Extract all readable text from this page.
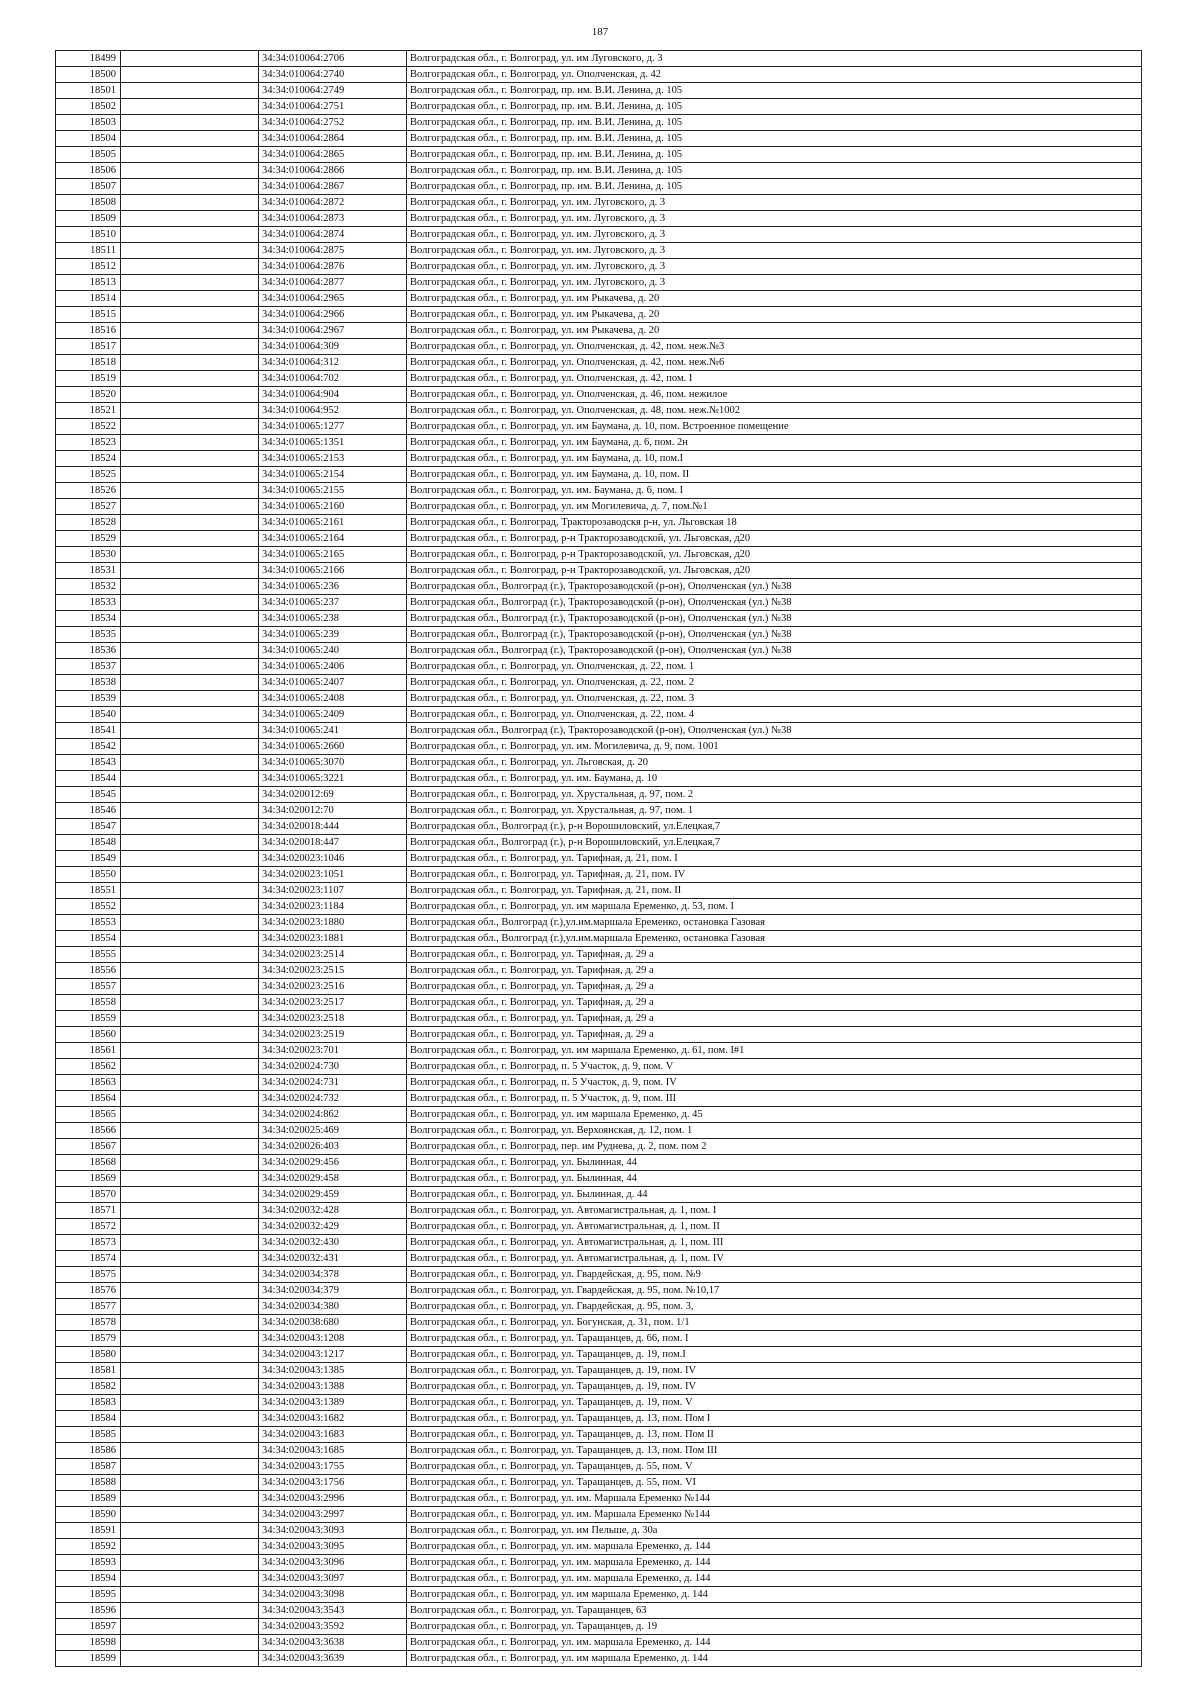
187
18499		34:34:010064:2706	Волгоградская обл., г. Волгоград, ул. им Луговского, д. 3
18500		34:34:010064:2740	Волгоградская обл., г. Волгоград, ул. Ополченская, д. 42
18501		34:34:010064:2749	Волгоградская обл., г. Волгоград, пр. им. В.И. Ленина, д. 105
18502		34:34:010064:2751	Волгоградская обл., г. Волгоград, пр. им. В.И. Ленина, д. 105
18503		34:34:010064:2752	Волгоградская обл., г. Волгоград, пр. им. В.И. Ленина, д. 105
18504		34:34:010064:2864	Волгоградская обл., г. Волгоград, пр. им. В.И. Ленина, д. 105
18505		34:34:010064:2865	Волгоградская обл., г. Волгоград, пр. им. В.И. Ленина, д. 105
18506		34:34:010064:2866	Волгоградская обл., г. Волгоград, пр. им. В.И. Ленина, д. 105
18507		34:34:010064:2867	Волгоградская обл., г. Волгоград, пр. им. В.И. Ленина, д. 105
18508		34:34:010064:2872	Волгоградская обл., г. Волгоград, ул. им. Луговского, д. 3
18509		34:34:010064:2873	Волгоградская обл., г. Волгоград, ул. им. Луговского, д. 3
18510		34:34:010064:2874	Волгоградская обл., г. Волгоград, ул. им. Луговского, д. 3
18511		34:34:010064:2875	Волгоградская обл., г. Волгоград, ул. им. Луговского, д. 3
18512		34:34:010064:2876	Волгоградская обл., г. Волгоград, ул. им. Луговского, д. 3
18513		34:34:010064:2877	Волгоградская обл., г. Волгоград, ул. им. Луговского, д. 3
18514		34:34:010064:2965	Волгоградская обл., г. Волгоград, ул. им Рыкачева, д. 20
18515		34:34:010064:2966	Волгоградская обл., г. Волгоград, ул. им Рыкачева, д. 20
18516		34:34:010064:2967	Волгоградская обл., г. Волгоград, ул. им Рыкачева, д. 20
18517		34:34:010064:309	Волгоградская обл., г. Волгоград, ул. Ополченская, д. 42, пом. неж.№3
18518		34:34:010064:312	Волгоградская обл., г. Волгоград, ул. Ополченская, д. 42, пом. неж.№6
18519		34:34:010064:702	Волгоградская обл., г. Волгоград, ул. Ополченская, д. 42, пом. I
18520		34:34:010064:904	Волгоградская обл., г. Волгоград, ул. Ополченская, д. 46, пом. нежилое
18521		34:34:010064:952	Волгоградская обл., г. Волгоград, ул. Ополченская, д. 48, пом. неж.№1002
18522		34:34:010065:1277	Волгоградская обл., г. Волгоград, ул. им Баумана, д. 10, пом. Встроенное помещение
18523		34:34:010065:1351	Волгоградская обл., г. Волгоград, ул. им Баумана, д. 6, пом. 2н
18524		34:34:010065:2153	Волгоградская обл., г. Волгоград, ул. им Баумана, д. 10, пом.I
18525		34:34:010065:2154	Волгоградская обл., г. Волгоград, ул. им Баумана, д. 10, пом. II
18526		34:34:010065:2155	Волгоградская обл., г. Волгоград, ул. им. Баумана, д. 6, пом. I
18527		34:34:010065:2160	Волгоградская обл., г. Волгоград, ул. им Могилевича, д. 7, пом.№1
18528		34:34:010065:2161	Волгоградская обл., г. Волгоград, Тракторозаводскя р-н, ул. Льговская 18
18529		34:34:010065:2164	Волгоградская обл., г. Волгоград, р-н Тракторозаводской, ул. Льговская, д20
18530		34:34:010065:2165	Волгоградская обл., г. Волгоград, р-н Тракторозаводской, ул. Льговская, д20
18531		34:34:010065:2166	Волгоградская обл., г. Волгоград, р-н Тракторозаводской, ул. Льговская, д20
18532		34:34:010065:236	Волгоградская обл., Волгоград (г.), Тракторозаводской (р-он), Ополченская (ул.) №38
18533		34:34:010065:237	Волгоградская обл., Волгоград (г.), Тракторозаводской (р-он), Ополченская (ул.) №38
18534		34:34:010065:238	Волгоградская обл., Волгоград (г.), Тракторозаводской (р-он), Ополченская (ул.) №38
18535		34:34:010065:239	Волгоградская обл., Волгоград (г.), Тракторозаводской (р-он), Ополченская (ул.) №38
18536		34:34:010065:240	Волгоградская обл., Волгоград (г.), Тракторозаводской (р-он), Ополченская (ул.) №38
18537		34:34:010065:2406	Волгоградская обл., г. Волгоград, ул. Ополченская, д. 22, пом. 1
18538		34:34:010065:2407	Волгоградская обл., г. Волгоград, ул. Ополченская, д. 22, пом. 2
18539		34:34:010065:2408	Волгоградская обл., г. Волгоград, ул. Ополченская, д. 22, пом. 3
18540		34:34:010065:2409	Волгоградская обл., г. Волгоград, ул. Ополченская, д. 22, пом. 4
18541		34:34:010065:241	Волгоградская обл., Волгоград (г.), Тракторозаводской (р-он), Ополченская (ул.) №38
18542		34:34:010065:2660	Волгоградская обл., г. Волгоград, ул. им. Могилевича, д. 9, пом. 1001
18543		34:34:010065:3070	Волгоградская обл., г. Волгоград, ул. Льговская, д. 20
18544		34:34:010065:3221	Волгоградская обл., г. Волгоград, ул. им. Баумана, д. 10
18545		34:34:020012:69	Волгоградская обл., г. Волгоград, ул. Хрустальная, д. 97, пом. 2
18546		34:34:020012:70	Волгоградская обл., г. Волгоград, ул. Хрустальная, д. 97, пом. 1
18547		34:34:020018:444	Волгоградская обл., Волгоград (г.), р-н Ворошиловский, ул.Елецкая,7
18548		34:34:020018:447	Волгоградская обл., Волгоград (г.), р-н Ворошиловский, ул.Елецкая,7
18549		34:34:020023:1046	Волгоградская обл., г. Волгоград, ул. Тарифная, д. 21, пом. I
18550		34:34:020023:1051	Волгоградская обл., г. Волгоград, ул. Тарифная, д. 21, пом. IV
18551		34:34:020023:1107	Волгоградская обл., г. Волгоград, ул. Тарифная, д. 21, пом. II
18552		34:34:020023:1184	Волгоградская обл., г. Волгоград, ул. им маршала Еременко, д. 53, пом. I
18553		34:34:020023:1880	Волгоградская обл., Волгоград (г.),ул.им.маршала Еременко, остановка Газовая
18554		34:34:020023:1881	Волгоградская обл., Волгоград (г.),ул.им.маршала Еременко, остановка Газовая
18555		34:34:020023:2514	Волгоградская обл., г. Волгоград, ул. Тарифная, д. 29 а
18556		34:34:020023:2515	Волгоградская обл., г. Волгоград, ул. Тарифная, д. 29 а
18557		34:34:020023:2516	Волгоградская обл., г. Волгоград, ул. Тарифная, д. 29 а
18558		34:34:020023:2517	Волгоградская обл., г. Волгоград, ул. Тарифная, д. 29 а
18559		34:34:020023:2518	Волгоградская обл., г. Волгоград, ул. Тарифная, д. 29 а
18560		34:34:020023:2519	Волгоградская обл., г. Волгоград, ул. Тарифная, д. 29 а
18561		34:34:020023:701	Волгоградская обл., г. Волгоград, ул. им маршала Еременко, д. 61, пом. I#1
18562		34:34:020024:730	Волгоградская обл., г. Волгоград, п. 5 Участок, д. 9, пом. V
18563		34:34:020024:731	Волгоградская обл., г. Волгоград, п. 5 Участок, д. 9, пом. IV
18564		34:34:020024:732	Волгоградская обл., г. Волгоград, п. 5 Участок, д. 9, пом. III
18565		34:34:020024:862	Волгоградская обл., г. Волгоград, ул. им маршала Еременко, д. 45
18566		34:34:020025:469	Волгоградская обл., г. Волгоград, ул. Верхоянская, д. 12, пом. 1
18567		34:34:020026:403	Волгоградская обл., г. Волгоград, пер. им Руднева, д. 2, пом. пом 2
18568		34:34:020029:456	Волгоградская обл., г. Волгоград, ул. Былинная, 44
18569		34:34:020029:458	Волгоградская обл., г. Волгоград, ул. Былинная, 44
18570		34:34:020029:459	Волгоградская обл., г. Волгоград, ул. Былинная, д. 44
18571		34:34:020032:428	Волгоградская обл., г. Волгоград, ул. Автомагистральная, д. 1, пом. I
18572		34:34:020032:429	Волгоградская обл., г. Волгоград, ул. Автомагистральная, д. 1, пом. II
18573		34:34:020032:430	Волгоградская обл., г. Волгоград, ул. Автомагистральная, д. 1, пом. III
18574		34:34:020032:431	Волгоградская обл., г. Волгоград, ул. Автомагистральная, д. 1, пом. IV
18575		34:34:020034:378	Волгоградская обл., г. Волгоград, ул. Гвардейская, д. 95, пом. №9
18576		34:34:020034:379	Волгоградская обл., г. Волгоград, ул. Гвардейская, д. 95, пом. №10,17
18577		34:34:020034:380	Волгоградская обл., г. Волгоград, ул. Гвардейская, д. 95, пом. 3,
18578		34:34:020038:680	Волгоградская обл., г. Волгоград, ул. Богунская, д. 31, пом. 1/1
18579		34:34:020043:1208	Волгоградская обл., г. Волгоград, ул. Таращанцев, д. 66, пом. I
18580		34:34:020043:1217	Волгоградская обл., г. Волгоград, ул. Таращанцев, д. 19, пом.I
18581		34:34:020043:1385	Волгоградская обл., г. Волгоград, ул. Таращанцев, д. 19, пом. IV
18582		34:34:020043:1388	Волгоградская обл., г. Волгоград, ул. Таращанцев, д. 19, пом. IV
18583		34:34:020043:1389	Волгоградская обл., г. Волгоград, ул. Таращанцев, д. 19, пом. V
18584		34:34:020043:1682	Волгоградская обл., г. Волгоград, ул. Таращанцев, д. 13, пом. Пом I
18585		34:34:020043:1683	Волгоградская обл., г. Волгоград, ул. Таращанцев, д. 13, пом. Пом II
18586		34:34:020043:1685	Волгоградская обл., г. Волгоград, ул. Таращанцев, д. 13, пом. Пом III
18587		34:34:020043:1755	Волгоградская обл., г. Волгоград, ул. Таращанцев, д. 55, пом. V
18588		34:34:020043:1756	Волгоградская обл., г. Волгоград, ул. Таращанцев, д. 55, пом. VI
18589		34:34:020043:2996	Волгоградская обл., г. Волгоград, ул. им. Маршала Еременко №144
18590		34:34:020043:2997	Волгоградская обл., г. Волгоград, ул. им. Маршала Еременко №144
18591		34:34:020043:3093	Волгоградская обл., г. Волгоград, ул. им Пельше, д. 30а
18592		34:34:020043:3095	Волгоградская обл., г. Волгоград, ул. им. маршала Еременко, д. 144
18593		34:34:020043:3096	Волгоградская обл., г. Волгоград, ул. им. маршала Еременко, д. 144
18594		34:34:020043:3097	Волгоградская обл., г. Волгоград, ул. им. маршала Еременко, д. 144
18595		34:34:020043:3098	Волгоградская обл., г. Волгоград, ул. им маршала Еременко, д. 144
18596		34:34:020043:3543	Волгоградская обл., г. Волгоград, ул. Таращанцев, 63
18597		34:34:020043:3592	Волгоградская обл., г. Волгоград, ул. Таращанцев, д. 19
18598		34:34:020043:3638	Волгоградская обл., г. Волгоград, ул. им. маршала Еременко, д. 144
18599		34:34:020043:3639	Волгоградская обл., г. Волгоград, ул. им маршала Еременко, д. 144
